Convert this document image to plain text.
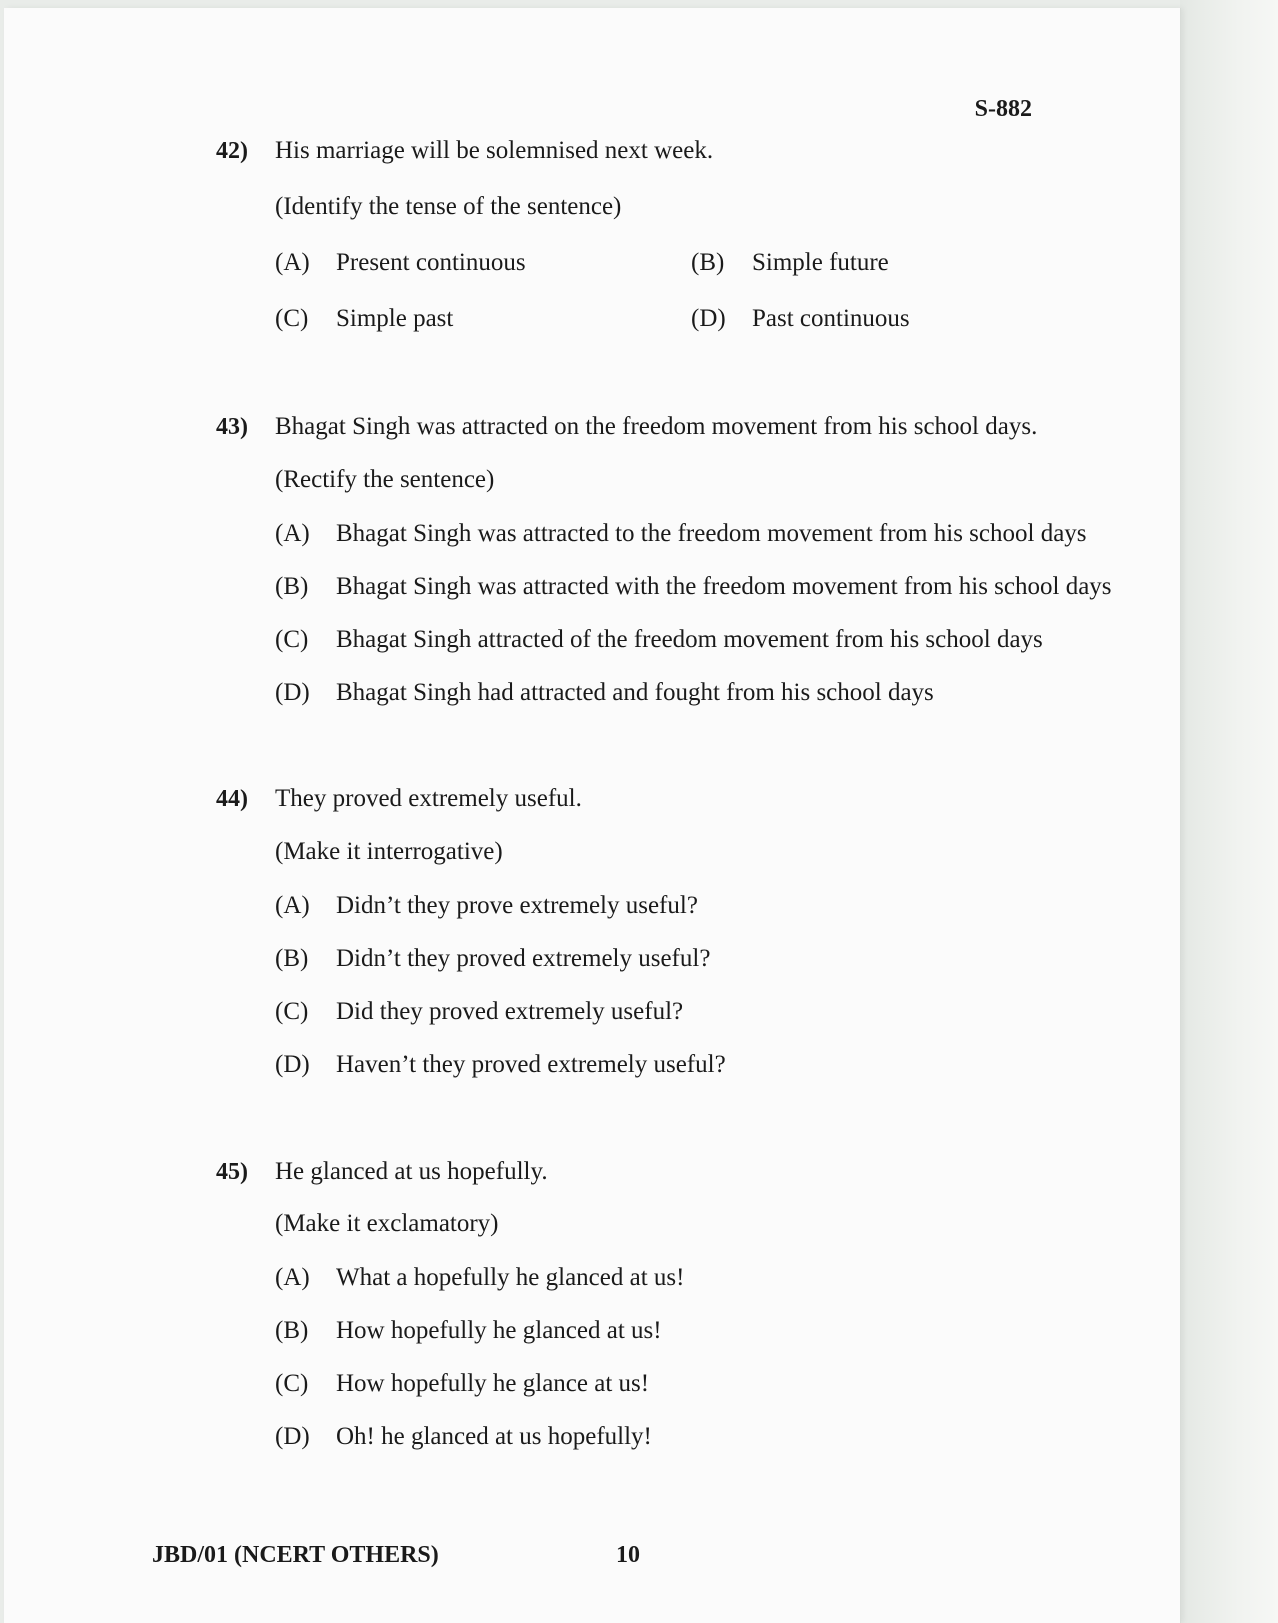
S-882
42) His marriage will be solemnised next week.
(Identify the tense of the sentence)
(A) Present continuous	(B) Simple future
(C) Simple past	(D) Past continuous
43) Bhagat Singh was attracted on the freedom movement from his school days.
(Rectify the sentence)
(A) Bhagat Singh was attracted to the freedom movement from his school days
(B) Bhagat Singh was attracted with the freedom movement from his school days
(C) Bhagat Singh attracted of the freedom movement from his school days
(D) Bhagat Singh had attracted and fought from his school days
44) They proved extremely useful.
(Make it interrogative)
(A) Didn’t they prove extremely useful?
(B) Didn’t they proved extremely useful?
(C) Did they proved extremely useful?
(D) Haven’t they proved extremely useful?
45) He glanced at us hopefully.
(Make it exclamatory)
(A) What a hopefully he glanced at us!
(B) How hopefully he glanced at us!
(C) How hopefully he glance at us!
(D) Oh! he glanced at us hopefully!
JBD/01 (NCERT OTHERS)	10
